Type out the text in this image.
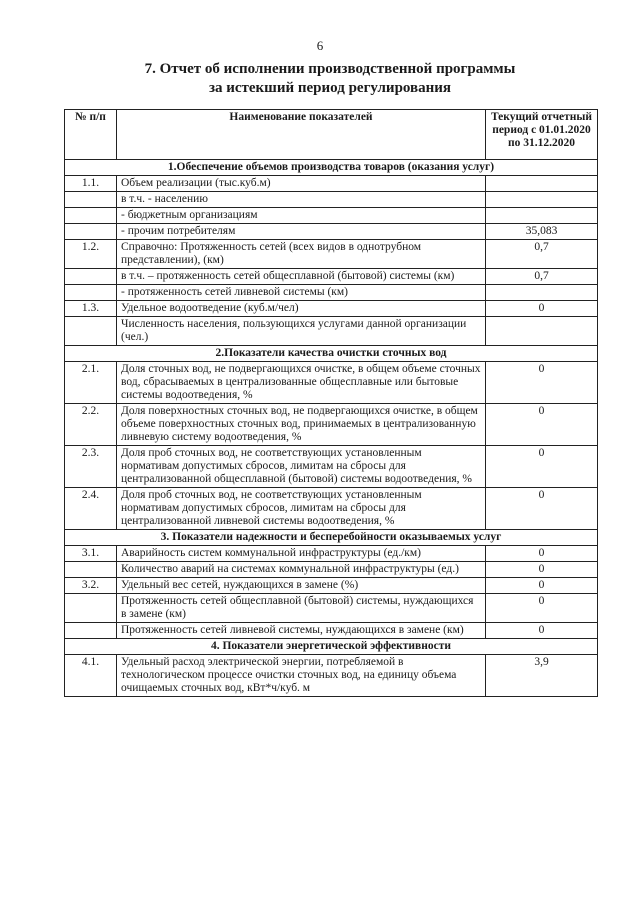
6
7. Отчет об исполнении производственной программы
за истекший период регулирования
№ п/п	Наименование показателей	Текущий отчетный период с 01.01.2020 по 31.12.2020
1.Обеспечение объемов производства товаров (оказания услуг)		
1.1.	Объем реализации (тыс.куб.м)	
	в т.ч. - населению	
	- бюджетным организациям	
	- прочим потребителям	35,083
1.2.	Справочно: Протяженность сетей (всех видов в однотрубном представлении), (км)	0,7
	в т.ч. – протяженность сетей общесплавной (бытовой) системы (км)	0,7
	- протяженность сетей ливневой системы (км)	
1.3.	Удельное водоотведение (куб.м/чел)	0
	Численность населения, пользующихся услугами данной организации (чел.)	
2.Показатели качества очистки сточных вод		
2.1.	Доля сточных вод, не подвергающихся очистке, в общем объеме сточных вод, сбрасываемых в централизованные общесплавные или бытовые системы водоотведения, %	0
2.2.	Доля поверхностных сточных вод, не подвергающихся очистке, в общем объеме поверхностных сточных вод, принимаемых в централизованную ливневую систему водоотведения, %	0
2.3.	Доля проб сточных вод, не соответствующих установленным нормативам допустимых сбросов, лимитам на сбросы для централизованной общесплавной (бытовой) системы водоотведения, %	0
2.4.	Доля проб сточных вод, не соответствующих установленным нормативам допустимых сбросов, лимитам на сбросы для централизованной ливневой системы водоотведения, %	0
3. Показатели надежности и бесперебойности оказываемых услуг		
3.1.	Аварийность систем коммунальной инфраструктуры (ед./км)	0
	Количество аварий на системах коммунальной инфраструктуры (ед.)	0
3.2.	Удельный вес сетей, нуждающихся в замене (%)	0
	Протяженность сетей общесплавной (бытовой) системы, нуждающихся в замене (км)	0
	Протяженность сетей ливневой системы, нуждающихся в замене (км)	0
4. Показатели энергетической эффективности		
4.1.	Удельный расход электрической энергии, потребляемой в технологическом процессе очистки сточных вод, на единицу объема очищаемых сточных вод, кВт*ч/куб. м	3,9
